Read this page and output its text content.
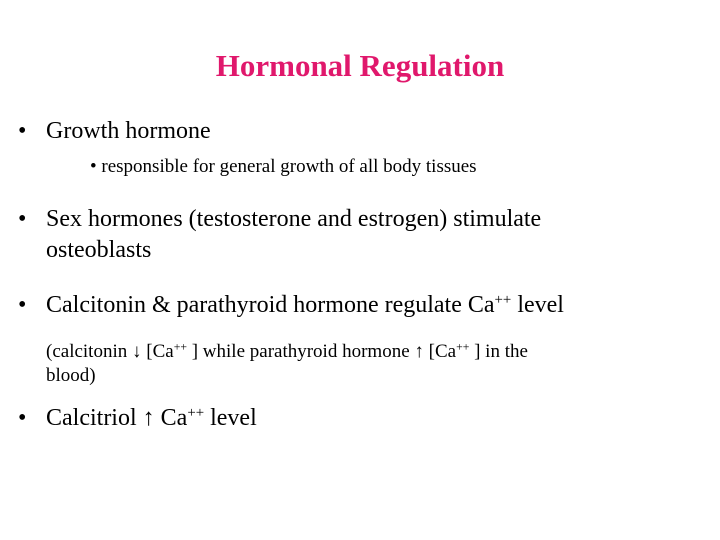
Hormonal Regulation
• Growth hormone
• responsible for general growth of all body tissues
• Sex hormones (testosterone and estrogen) stimulate
osteoblasts
• Calcitonin & parathyroid hormone regulate Ca++ level
(calcitonin ↓ [Ca++ ] while parathyroid hormone ↑ [Ca++ ] in the
blood)
• Calcitriol ↑ Ca++ level
